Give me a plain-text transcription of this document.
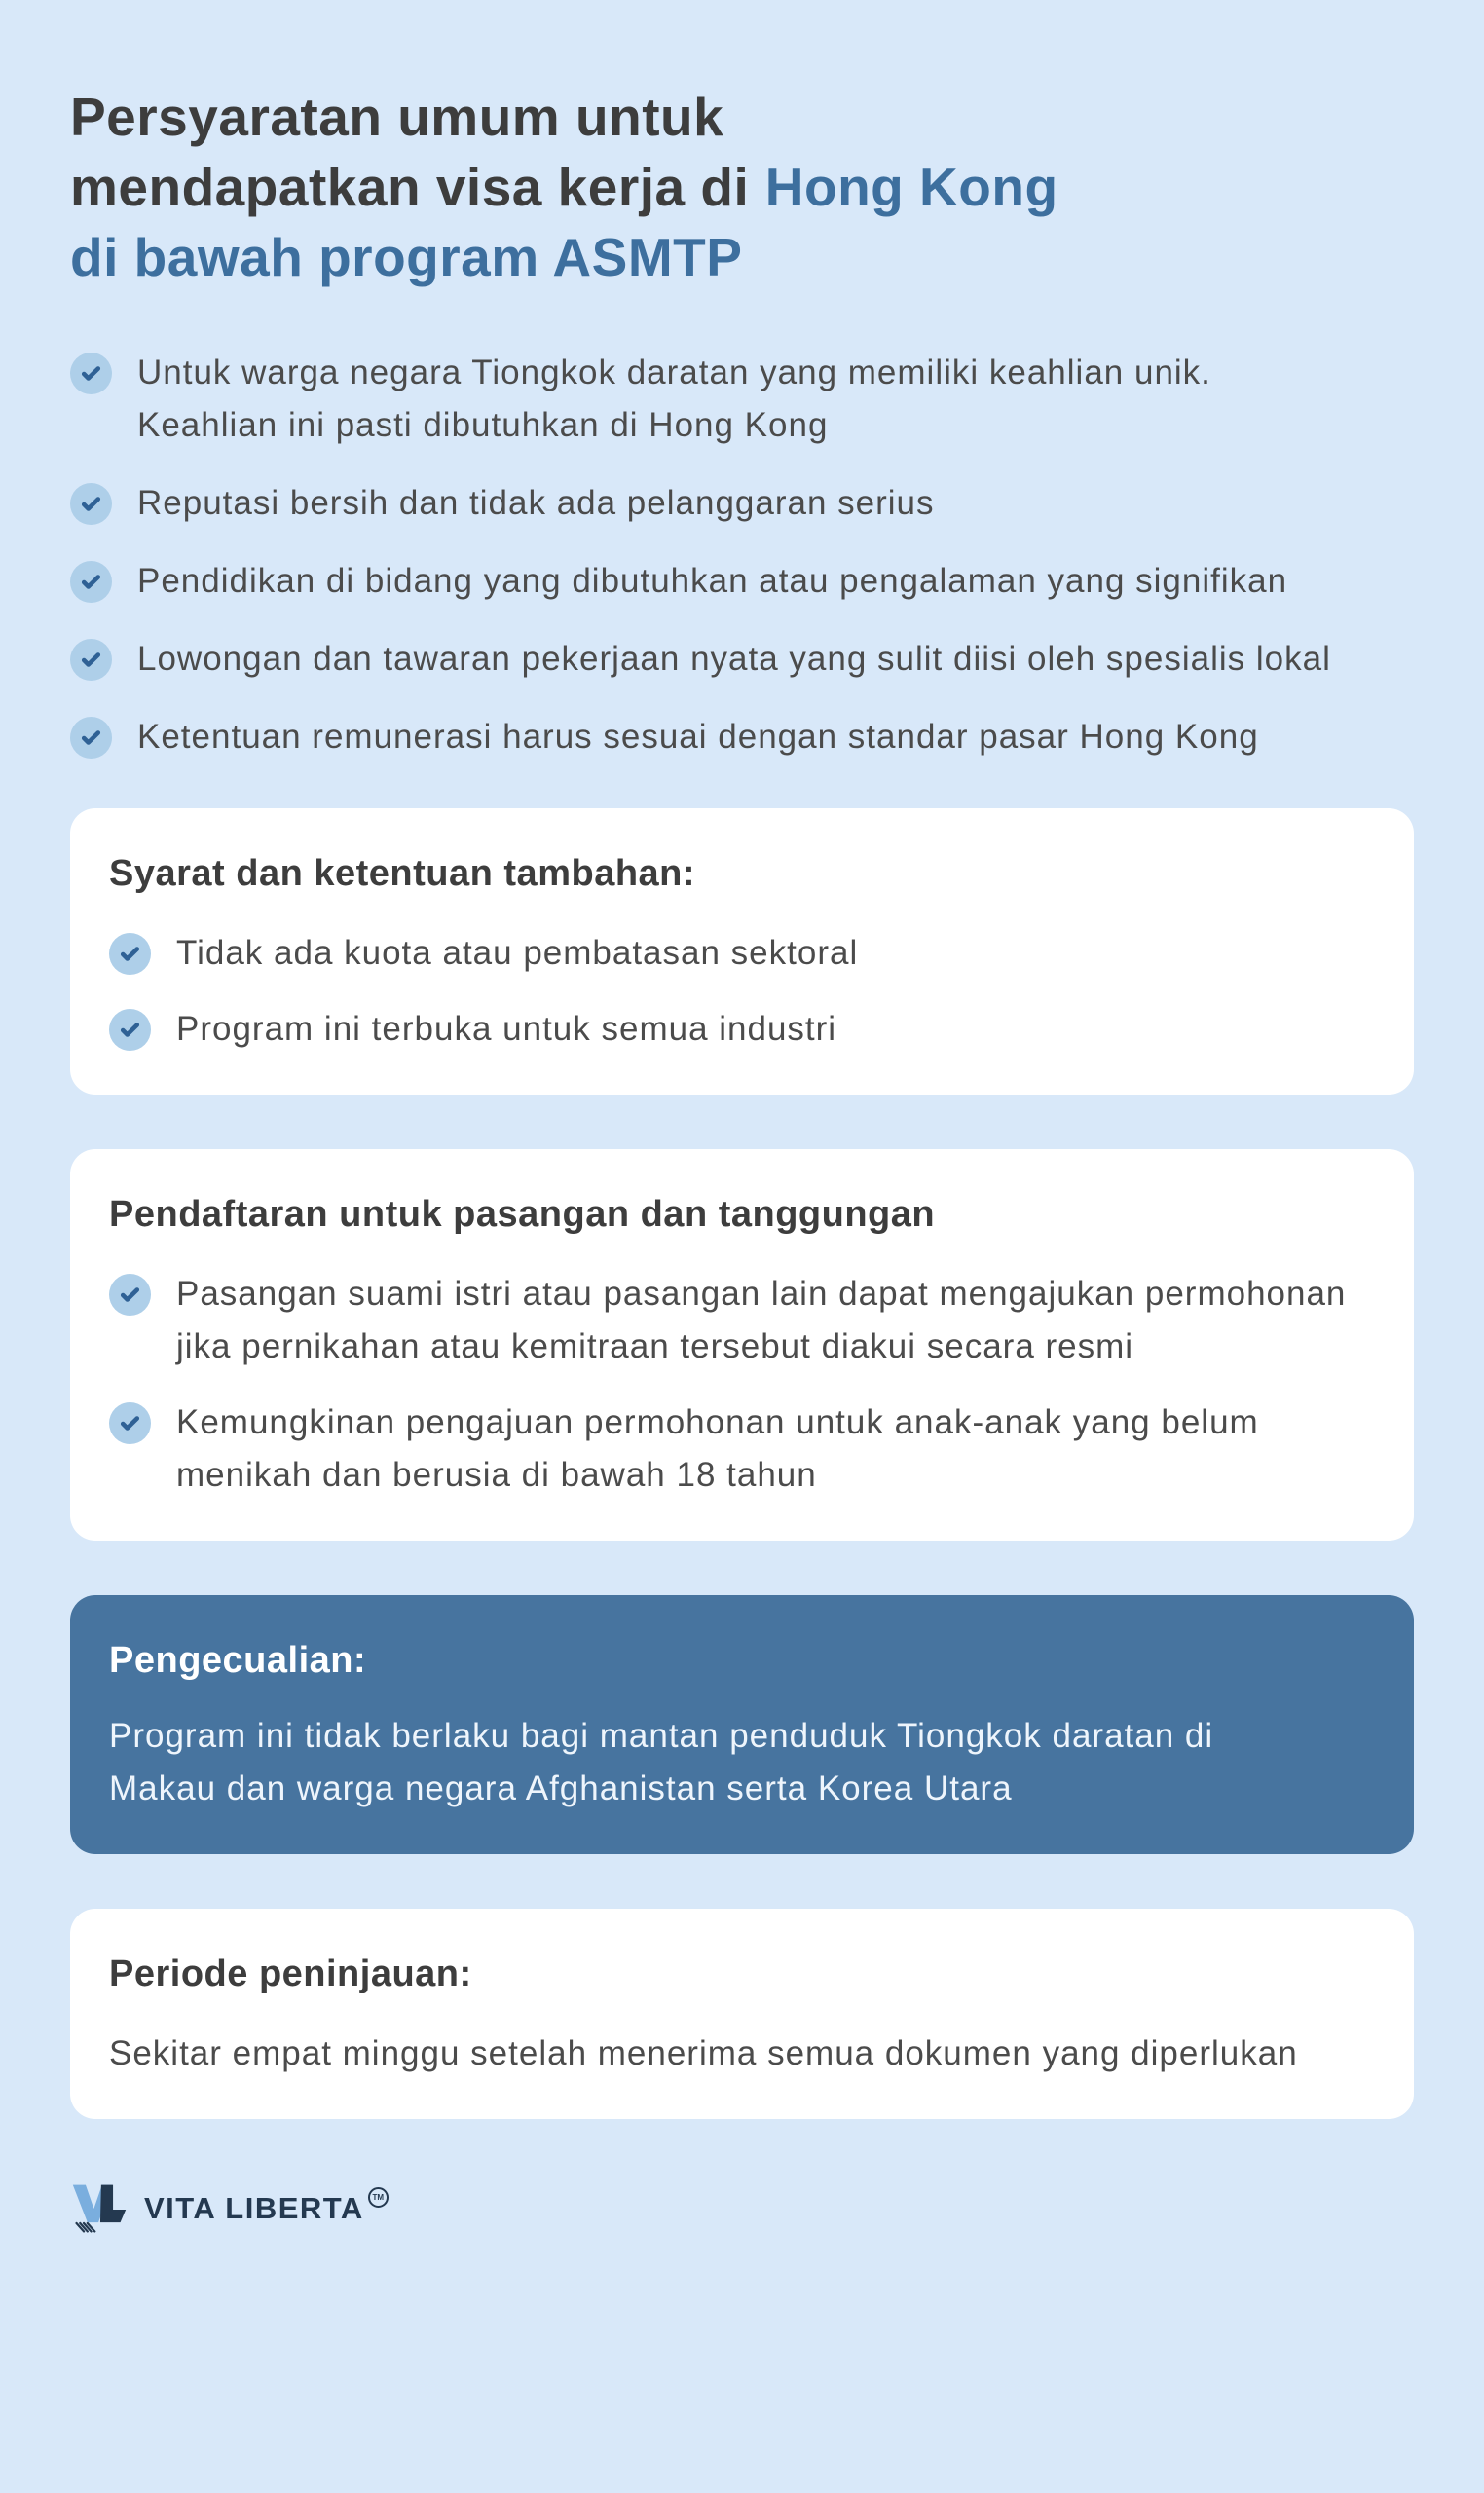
Persyaratan umum untuk
mendapatkan visa kerja di Hong Kong
di bawah program ASMTP
Untuk warga negara Tiongkok daratan yang memiliki keahlian unik. Keahlian ini pasti dibutuhkan di Hong Kong
Reputasi bersih dan tidak ada pelanggaran serius
Pendidikan di bidang yang dibutuhkan atau pengalaman yang signifikan
Lowongan dan tawaran pekerjaan nyata yang sulit diisi oleh spesialis lokal
Ketentuan remunerasi harus sesuai dengan standar pasar Hong Kong
Syarat dan ketentuan tambahan:
Tidak ada kuota atau pembatasan sektoral
Program ini terbuka untuk semua industri
Pendaftaran untuk pasangan dan tanggungan
Pasangan suami istri atau pasangan lain dapat mengajukan permohonan jika pernikahan atau kemitraan tersebut diakui secara resmi
Kemungkinan pengajuan permohonan untuk anak-anak yang belum menikah dan berusia di bawah 18 tahun
Pengecualian:
Program ini tidak berlaku bagi mantan penduduk Tiongkok daratan di Makau dan warga negara Afghanistan serta Korea Utara
Periode peninjauan:
Sekitar empat minggu setelah menerima semua dokumen yang diperlukan
VITA LIBERTA	TM
